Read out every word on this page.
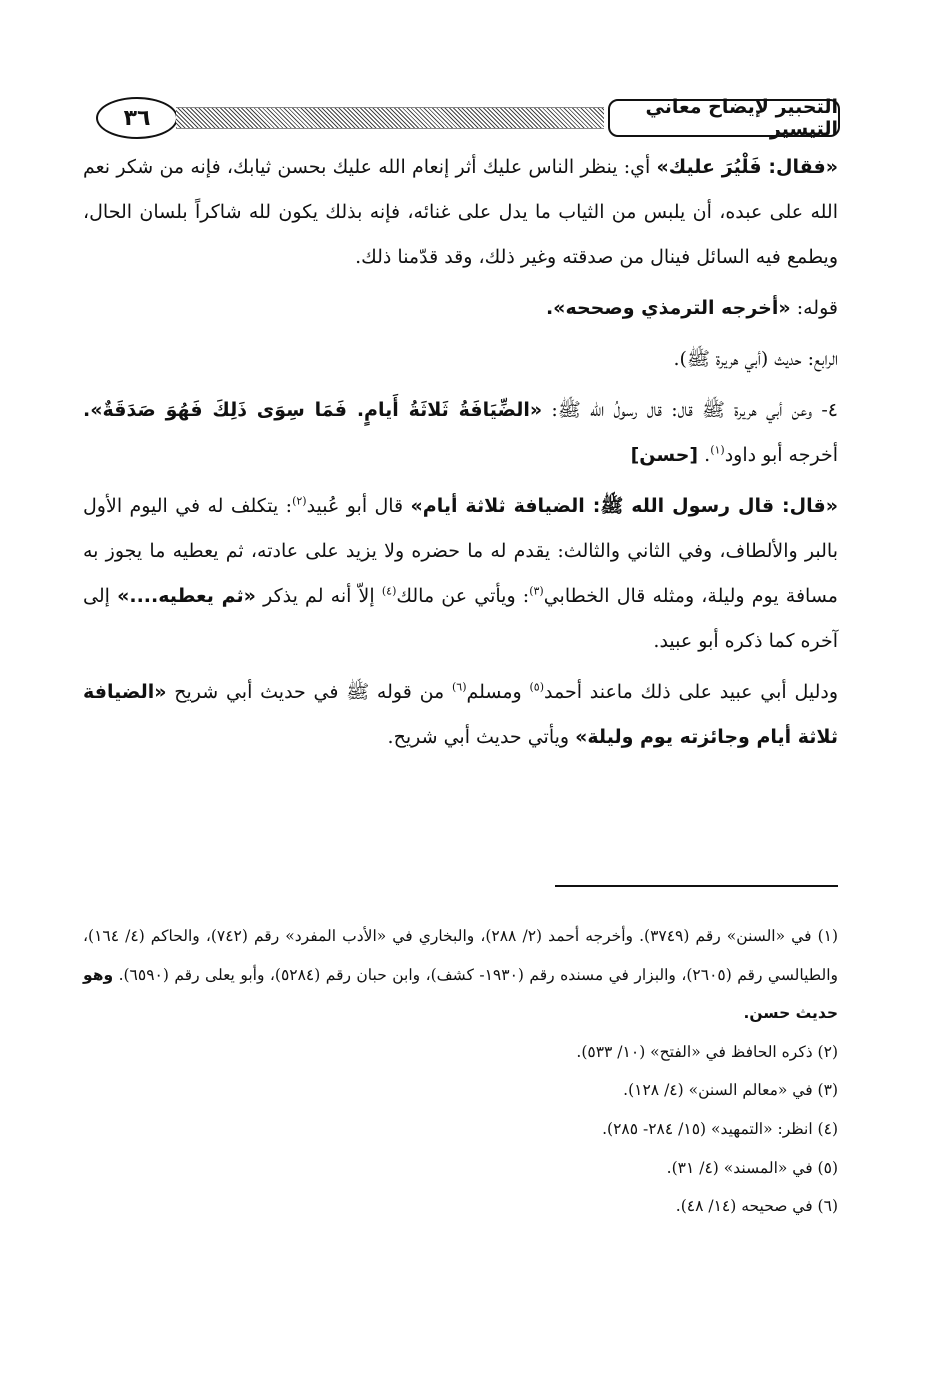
٣٦	التحبير لإيضاح معاني التيسير

«فقال: فَلْيُرَ عليك» أي: ينظر الناس عليك أثر إنعام الله عليك بحسن ثيابك، فإنه من شكر نعم الله على عبده، أن يلبس من الثياب ما يدل على غنائه، فإنه بذلك يكون لله شاكراً بلسان الحال، ويطمع فيه السائل فينال من صدقته وغير ذلك، وقد قدّمنا ذلك.

قوله: «أخرجه الترمذي وصححه».

الرابع: حديث (أبي هريرة ﷺ).

٤- وعن أبي هريرة ﷺ قال: قال رسولُ الله ﷺ: «الضِّيَافَةُ ثَلاثَةُ أَيامٍ. فَمَا سِوَى ذَلِكَ فَهُوَ صَدَقَةٌ». أخرجه أبو داود$^{(١)}$. [حسن]

«قال: قال رسول الله ﷺ: الضيافة ثلاثة أيام» قال أبو عُبيد$^{(٢)}$: يتكلف له في اليوم الأول بالبر والألطاف، وفي الثاني والثالث: يقدم له ما حضره ولا يزيد على عادته، ثم يعطيه ما يجوز به مسافة يوم وليلة، ومثله قال الخطابي$^{(٣)}$: ويأتي عن مالك$^{(٤)}$ إلاّ أنه لم يذكر «ثم يعطيه....» إلى آخره كما ذكره أبو عبيد.

ودليل أبي عبيد على ذلك ماعند أحمد$^{(٥)}$ ومسلم$^{(٦)}$ من قوله ﷺ في حديث أبي شريح «الضيافة ثلاثة أيام وجائزته يوم وليلة» ويأتي حديث أبي شريح.

(١) في «السنن» رقم (٣٧٤٩). وأخرجه أحمد (٢/ ٢٨٨)، والبخاري في «الأدب المفرد» رقم (٧٤٢)، والحاكم (٤/ ١٦٤)، والطيالسي رقم (٢٦٠٥)، والبزار في مسنده رقم (١٩٣٠- كشف)، وابن حبان رقم (٥٢٨٤)، وأبو يعلى رقم (٦٥٩٠). وهو حديث حسن.

(٢) ذكره الحافظ في «الفتح» (١٠/ ٥٣٣).

(٣) في «معالم السنن» (٤/ ١٢٨).

(٤) انظر: «التمهيد» (١٥/ ٢٨٤- ٢٨٥).

(٥) في «المسند» (٤/ ٣١).

(٦) في صحيحه (١٤/ ٤٨).
